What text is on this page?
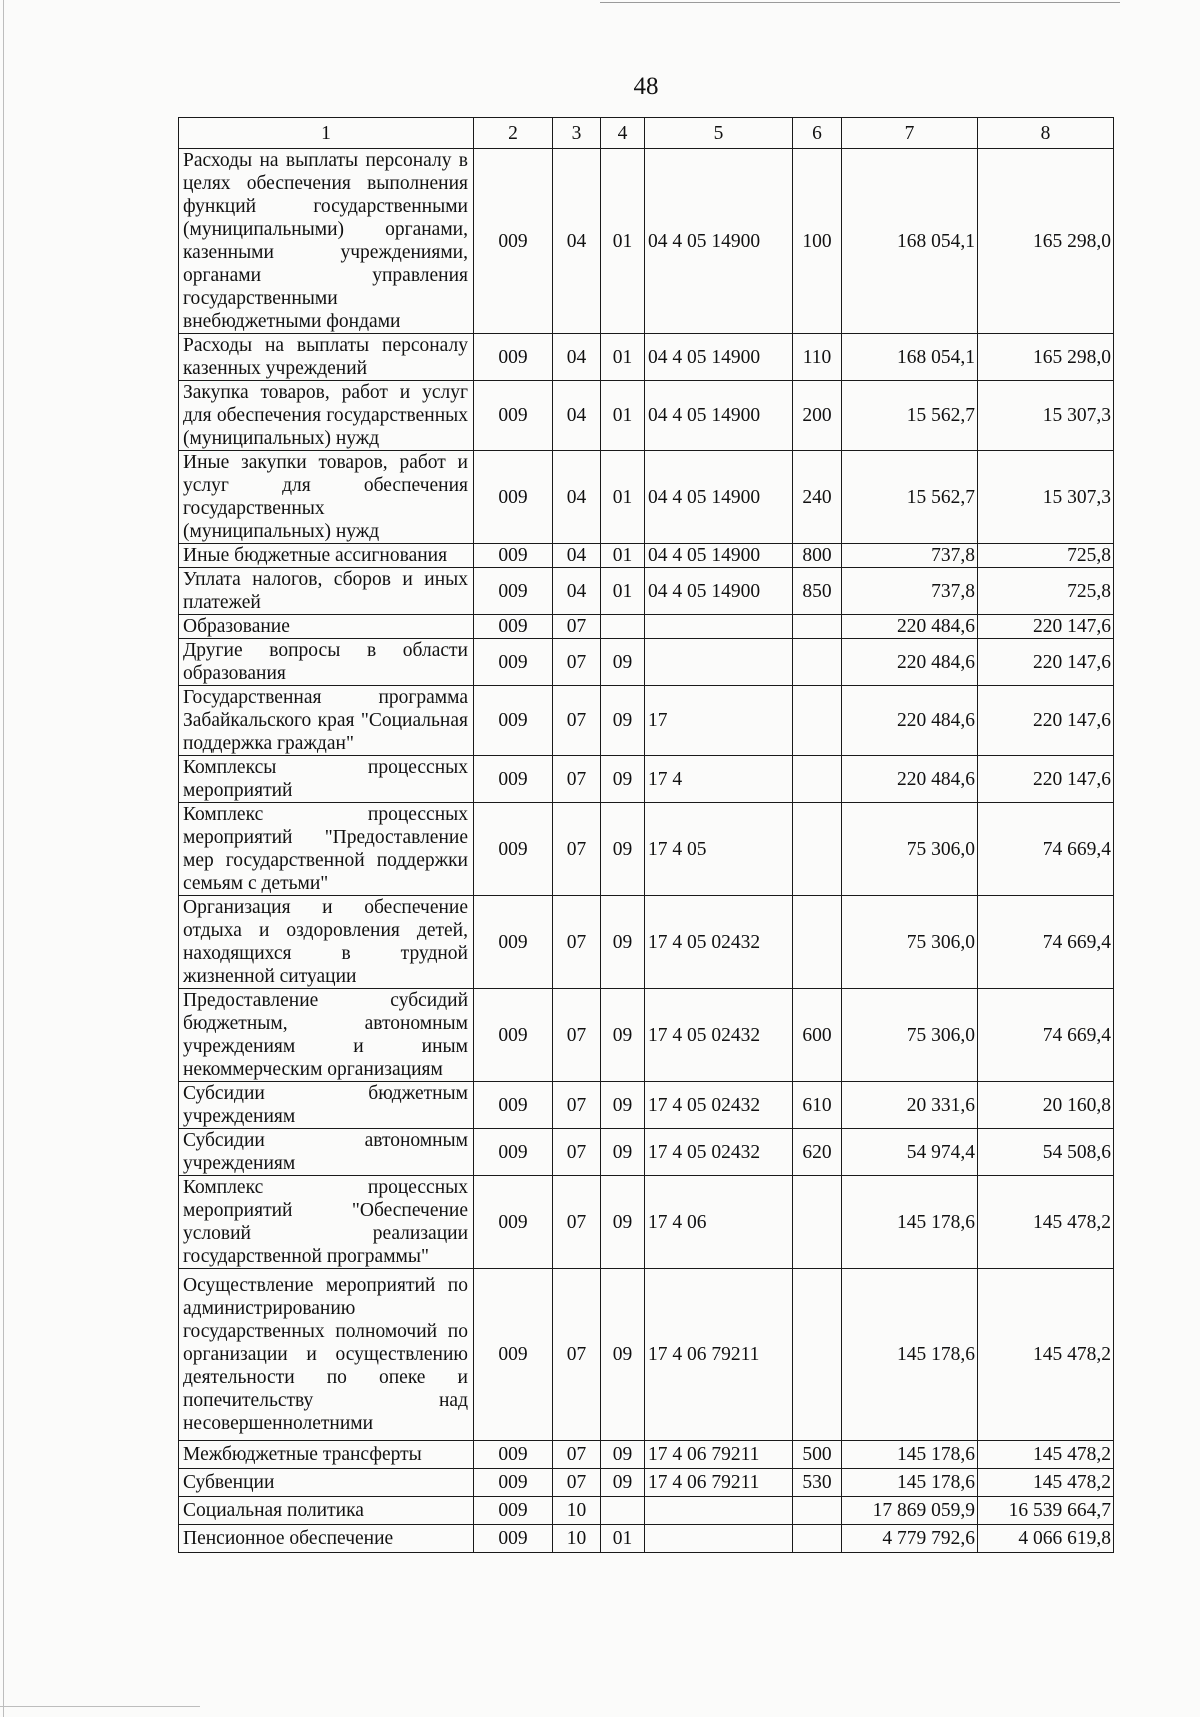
48
1	2	3	4	5	6	7	8
Расходы на выплаты персоналу в целях обеспечения выполнения функций государственными (муниципальными) органами, казенными учреждениями, органами управления государственными внебюджетными фондами	009	04	01	04 4 05 14900	100	168 054,1	165 298,0
Расходы на выплаты персоналу казенных учреждений	009	04	01	04 4 05 14900	110	168 054,1	165 298,0
Закупка товаров, работ и услуг для обеспечения государственных (муниципальных) нужд	009	04	01	04 4 05 14900	200	15 562,7	15 307,3
Иные закупки товаров, работ и услуг для обеспечения государственных (муниципальных) нужд	009	04	01	04 4 05 14900	240	15 562,7	15 307,3
Иные бюджетные ассигнования	009	04	01	04 4 05 14900	800	737,8	725,8
Уплата налогов, сборов и иных платежей	009	04	01	04 4 05 14900	850	737,8	725,8
Образование	009	07				220 484,6	220 147,6
Другие вопросы в области образования	009	07	09			220 484,6	220 147,6
Государственная программа Забайкальского края "Социальная поддержка граждан"	009	07	09	17		220 484,6	220 147,6
Комплексы процессных мероприятий	009	07	09	17 4		220 484,6	220 147,6
Комплекс процессных мероприятий "Предоставление мер государственной поддержки семьям с детьми"	009	07	09	17 4 05		75 306,0	74 669,4
Организация и обеспечение отдыха и оздоровления детей, находящихся в трудной жизненной ситуации	009	07	09	17 4 05 02432		75 306,0	74 669,4
Предоставление субсидий бюджетным, автономным учреждениям и иным некоммерческим организациям	009	07	09	17 4 05 02432	600	75 306,0	74 669,4
Субсидии бюджетным учреждениям	009	07	09	17 4 05 02432	610	20 331,6	20 160,8
Субсидии автономным учреждениям	009	07	09	17 4 05 02432	620	54 974,4	54 508,6
Комплекс процессных мероприятий "Обеспечение условий реализации государственной программы"	009	07	09	17 4 06		145 178,6	145 478,2
Осуществление мероприятий по администрированию государственных полномочий по организации и осуществлению деятельности по опеке и попечительству над несовершеннолетними	009	07	09	17 4 06 79211		145 178,6	145 478,2
Межбюджетные трансферты	009	07	09	17 4 06 79211	500	145 178,6	145 478,2
Субвенции	009	07	09	17 4 06 79211	530	145 178,6	145 478,2
Социальная политика	009	10				17 869 059,9	16 539 664,7
Пенсионное обеспечение	009	10	01			4 779 792,6	4 066 619,8
